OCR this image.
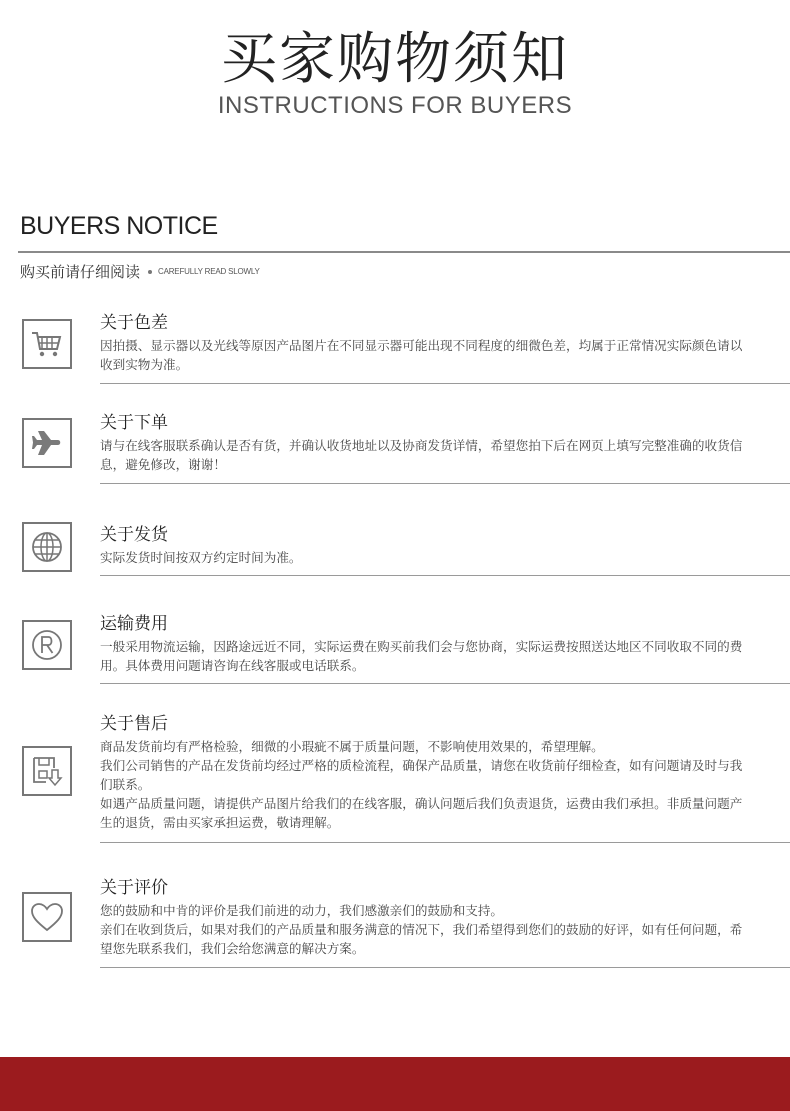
买家购物须知
INSTRUCTIONS FOR BUYERS
BUYERS NOTICE
购买前请仔细阅读 CAREFULLY READ SLOWLY
关于色差

因拍摄、显示器以及光线等原因产品图片在不同显示器可能出现不同程度的细微色差，均属于正常情况实际颜色请以收到实物为准。

关于下单

请与在线客服联系确认是否有货，并确认收货地址以及协商发货详情，希望您拍下后在网页上填写完整准确的收货信息，避免修改，谢谢！

关于发货

实际发货时间按双方约定时间为准。

运输费用

一般采用物流运输，因路途远近不同，实际运费在购买前我们会与您协商，实际运费按照送达地区不同收取不同的费用。具体费用问题请咨询在线客服或电话联系。

关于售后

商品发货前均有严格检验，细微的小瑕疵不属于质量问题，不影响使用效果的，希望理解。

我们公司销售的产品在发货前均经过严格的质检流程，确保产品质量，请您在收货前仔细检查，如有问题请及时与我们联系。

如遇产品质量问题，请提供产品图片给我们的在线客服，确认问题后我们负责退货，运费由我们承担。非质量问题产生的退货，需由买家承担运费，敬请理解。

关于评价

您的鼓励和中肯的评价是我们前进的动力，我们感激亲们的鼓励和支持。

亲们在收到货后，如果对我们的产品质量和服务满意的情况下，我们希望得到您们的鼓励的好评，如有任何问题，希望您先联系我们，我们会给您满意的解决方案。
